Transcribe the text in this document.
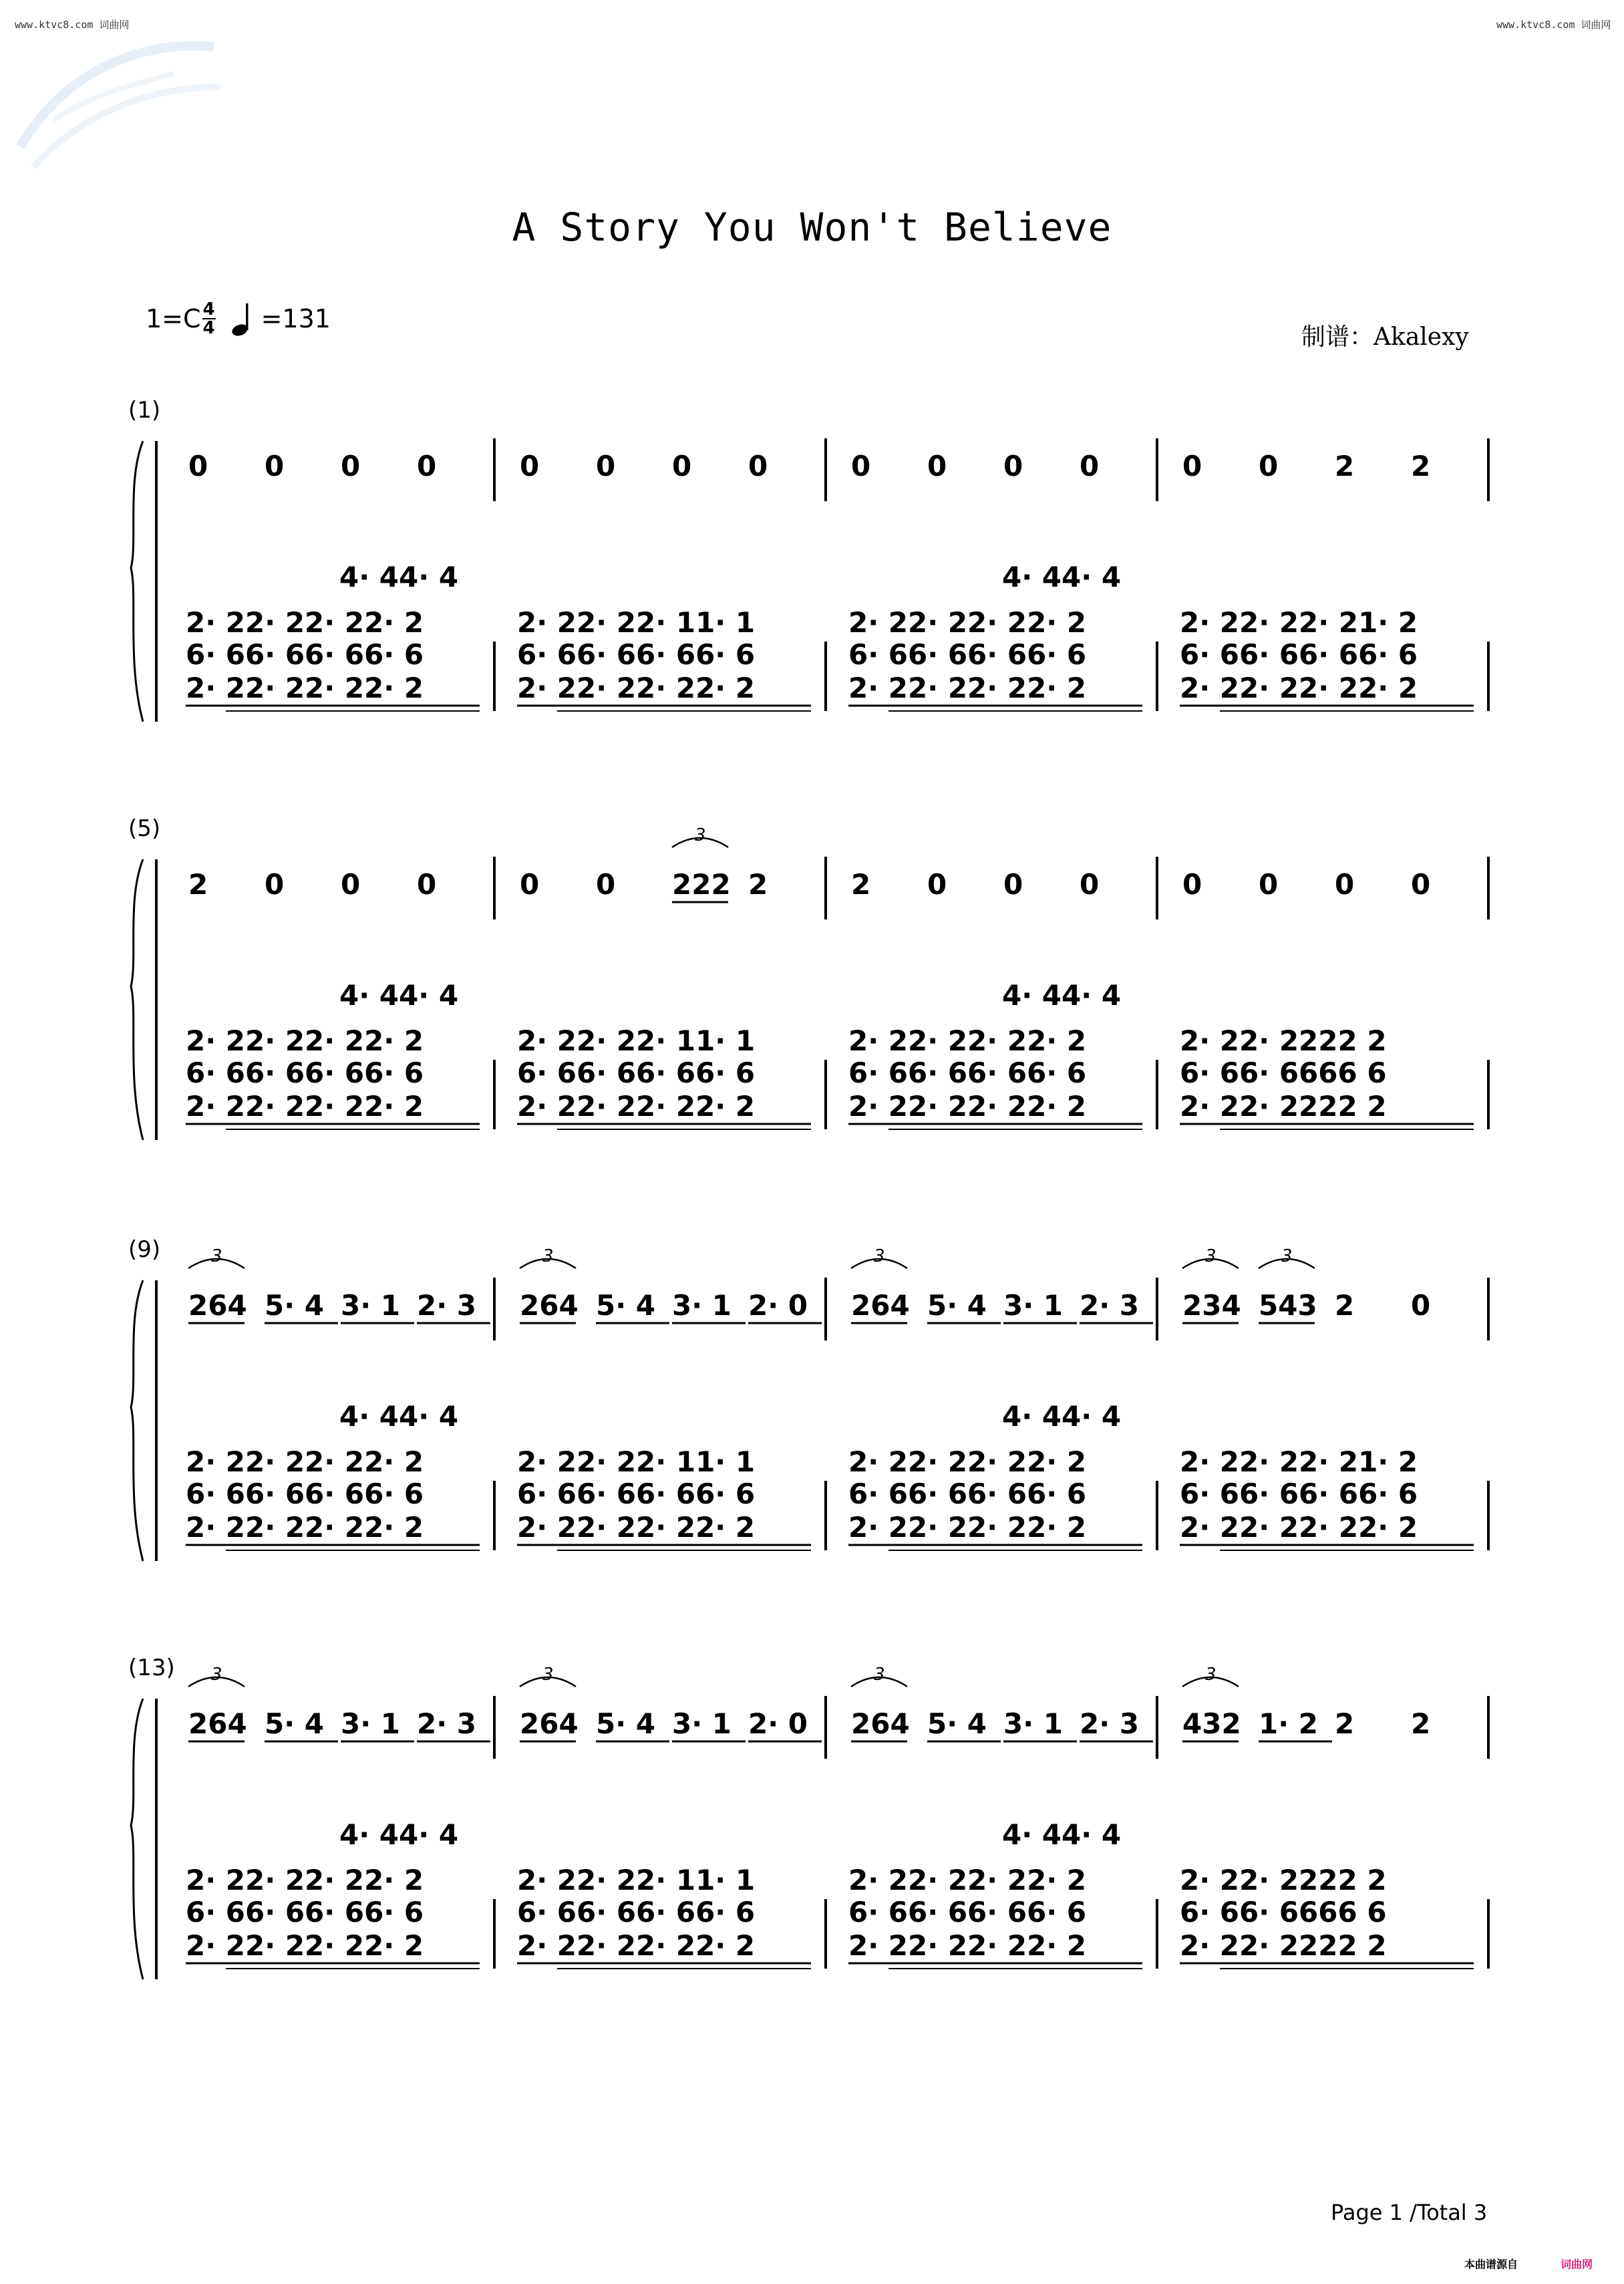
www.ktvc8.com 词曲网	www.ktvc8.com 词曲网
A Story You Won't Believe
$1=C \frac{4}{4} =131$
制谱：Akalexy
(1)
(5)
(9)
(13)
0 0 0 0	0 0 0 0	0 0 0 0	0 0 2 2
4· 44· 4
2· 22· 22· 22· 2
6· 66· 66· 66· 6
2· 22· 22· 22· 2
2· 22· 22· 11· 1
6· 66· 66· 66· 6
2· 22· 22· 22· 2
4· 44· 4
2· 22· 22· 22· 2
6· 66· 66· 66· 6
2· 22· 22· 22· 2
2· 22· 22· 21· 2
6· 66· 66· 66· 6
2· 22· 22· 22· 2
2 0 0 0	0 0 222
3
2	2 0 0 0	0 0 0 0
4· 44· 4
2· 22· 22· 22· 2
6· 66· 66· 66· 6
2· 22· 22· 22· 2
2· 22· 22· 11· 1
6· 66· 66· 66· 6
2· 22· 22· 22· 2
4· 44· 4
2· 22· 22· 22· 2
6· 66· 66· 66· 6
2· 22· 22· 22· 2
2· 22· 2222 2
6· 66· 6666 6
2· 22· 2222 2
264
3
5· 4 3· 1 2· 3 264
3
5· 4 3· 1 2· 0 264
3
5· 4 3· 1 2· 3 234
3
543
3
2 0
4· 44· 4
2· 22· 22· 22· 2
6· 66· 66· 66· 6
2· 22· 22· 22· 2
2· 22· 22· 11· 1
6· 66· 66· 66· 6
2· 22· 22· 22· 2
4· 44· 4
2· 22· 22· 22· 2
6· 66· 66· 66· 6
2· 22· 22· 22· 2
2· 22· 22· 21· 2
6· 66· 66· 66· 6
2· 22· 22· 22· 2
264
3
5· 4 3· 1 2· 3 264
3
5· 4 3· 1 2· 0 264
3
5· 4 3· 1 2· 3 432
3
1· 2 2 2
4· 44· 4
2· 22· 22· 22· 2
6· 66· 66· 66· 6
2· 22· 22· 22· 2
2· 22· 22· 11· 1
6· 66· 66· 66· 6
2· 22· 22· 22· 2
4· 44· 4
2· 22· 22· 22· 2
6· 66· 66· 66· 6
2· 22· 22· 22· 2
2· 22· 2222 2
6· 66· 6666 6
2· 22· 2222 2
Page 1 /Total 3
本曲谱源自	词曲网
